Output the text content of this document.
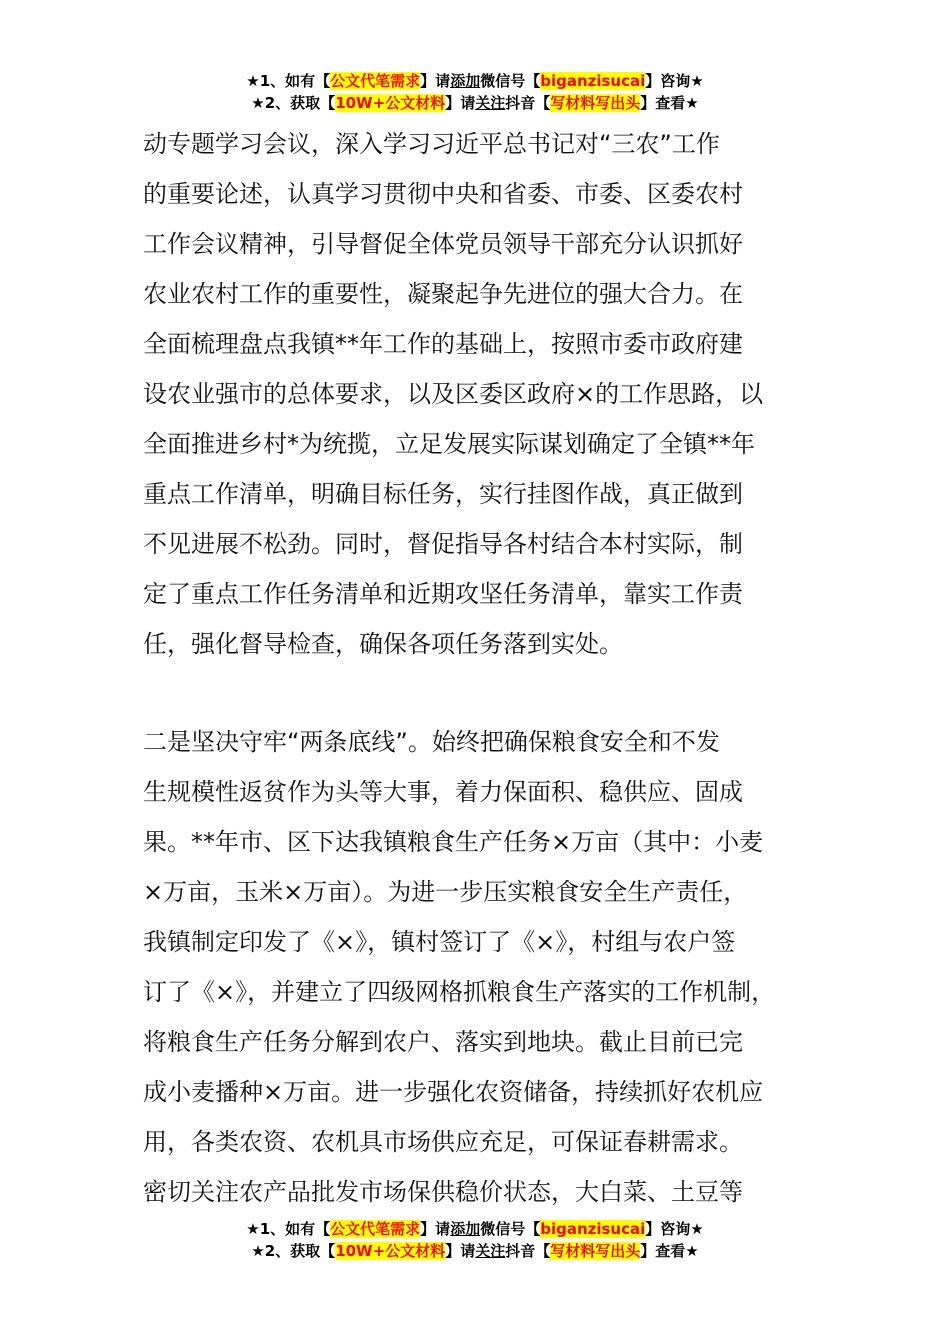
★1、如有【公文代笔需求】请添加微信号【biganzisucai】咨询★
★2、获取【10W+公文材料】请关注抖音【写材料写出头】查看★

动专题学习会议，深入学习习近平总书记对“三农”工作

的重要论述，认真学习贯彻中央和省委、市委、区委农村

工作会议精神，引导督促全体党员领导干部充分认识抓好

农业农村工作的重要性，凝聚起争先进位的强大合力。在

全面梳理盘点我镇**年工作的基础上，按照市委市政府建

设农业强市的总体要求，以及区委区政府×的工作思路，以

全面推进乡村*为统揽，立足发展实际谋划确定了全镇**年

重点工作清单，明确目标任务，实行挂图作战，真正做到

不见进展不松劲。同时，督促指导各村结合本村实际，制

定了重点工作任务清单和近期攻坚任务清单，靠实工作责

任，强化督导检查，确保各项任务落到实处。

二是坚决守牢“两条底线”。始终把确保粮食安全和不发

生规模性返贫作为头等大事，着力保面积、稳供应、固成

果。**年市、区下达我镇粮食生产任务×万亩（其中：小麦

×万亩，玉米×万亩）。为进一步压实粮食安全生产责任，

我镇制定印发了《×》，镇村签订了《×》，村组与农户签

订了《×》，并建立了四级网格抓粮食生产落实的工作机制，

将粮食生产任务分解到农户、落实到地块。截止目前已完

成小麦播种×万亩。进一步强化农资储备，持续抓好农机应

用，各类农资、农机具市场供应充足，可保证春耕需求。

密切关注农产品批发市场保供稳价状态，大白菜、土豆等

★1、如有【公文代笔需求】请添加微信号【biganzisucai】咨询★
★2、获取【10W+公文材料】请关注抖音【写材料写出头】查看★
